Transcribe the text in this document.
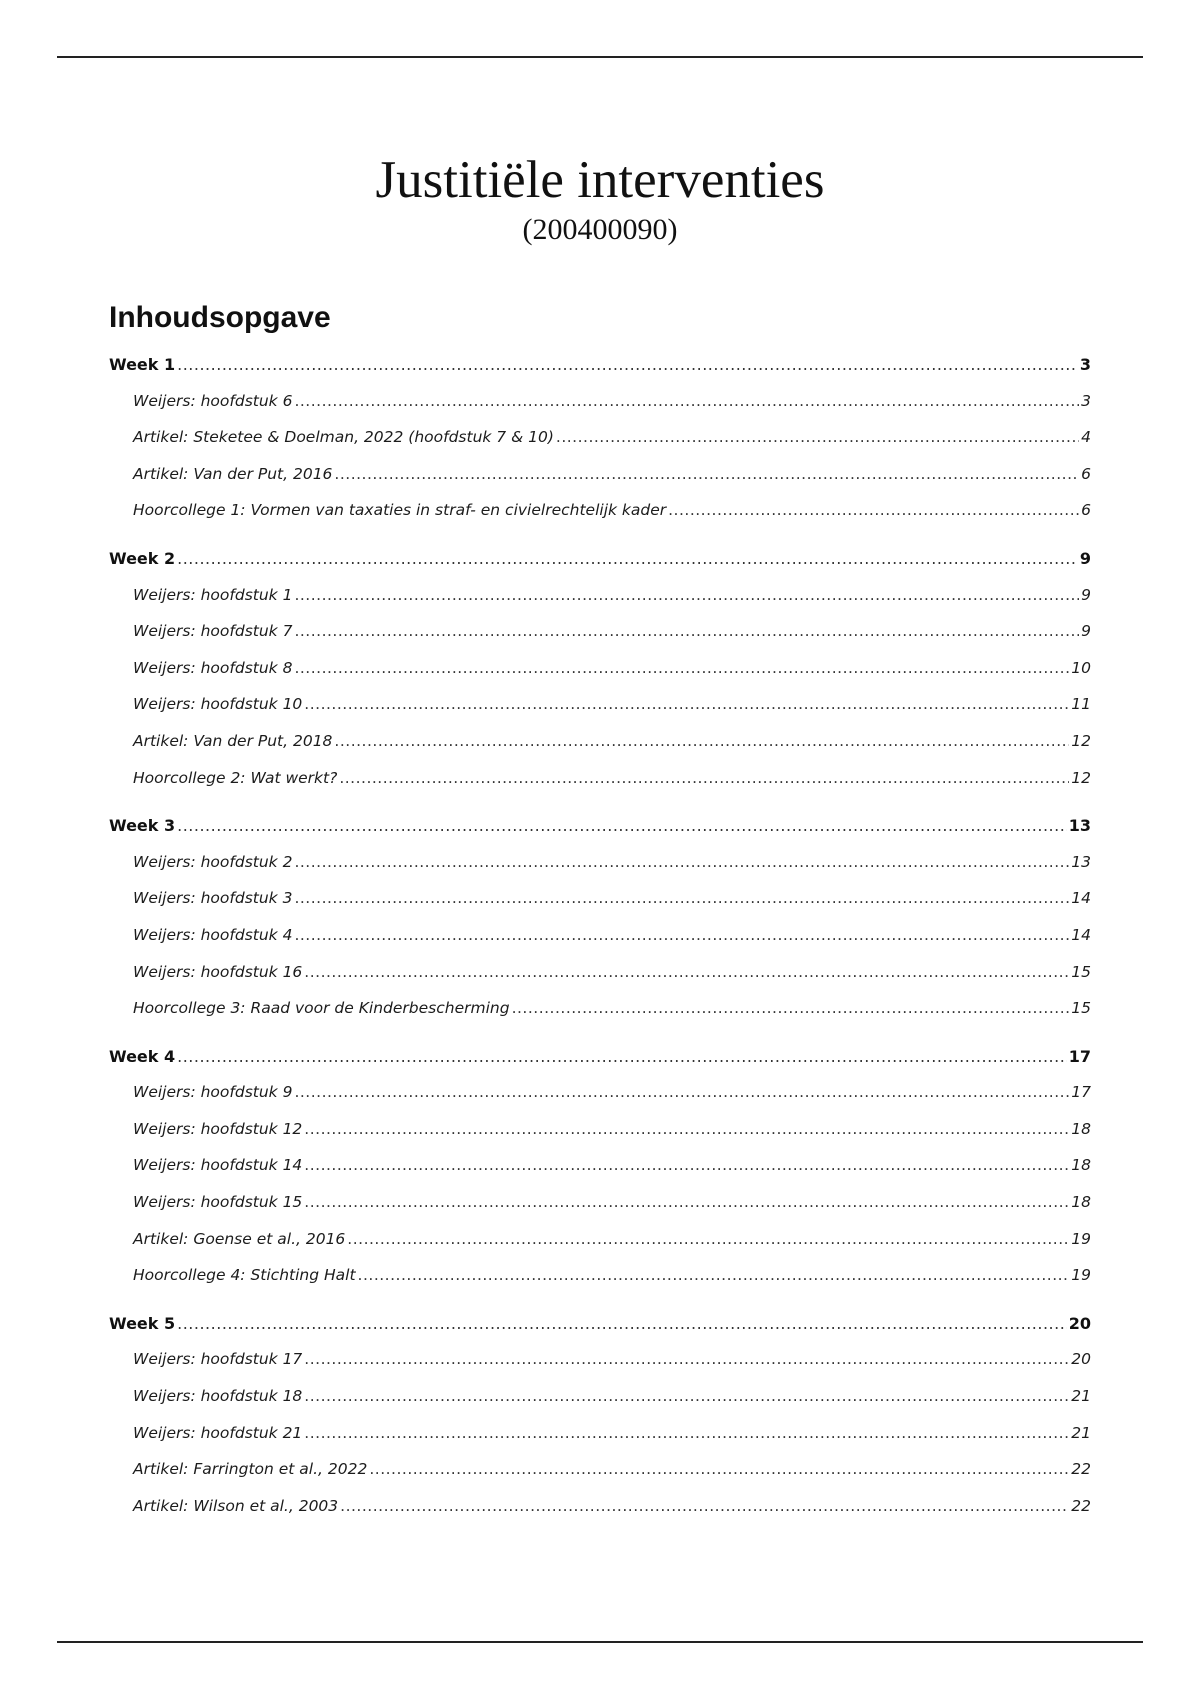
Justitiële interventies
(200400090)
Inhoudsopgave
Week 1 .....	3
Weijers: hoofdstuk 6 .....	3
Artikel: Steketee & Doelman, 2022 (hoofdstuk 7 & 10) .....	4
Artikel: Van der Put, 2016 .....	6
Hoorcollege 1: Vormen van taxaties in straf- en civielrechtelijk kader .....	6
Week 2 .....	9
Weijers: hoofdstuk 1 .....	9
Weijers: hoofdstuk 7 .....	9
Weijers: hoofdstuk 8 .....	10
Weijers: hoofdstuk 10 .....	11
Artikel: Van der Put, 2018 .....	12
Hoorcollege 2: Wat werkt? .....	12
Week 3 .....	13
Weijers: hoofdstuk 2 .....	13
Weijers: hoofdstuk 3 .....	14
Weijers: hoofdstuk 4 .....	14
Weijers: hoofdstuk 16 .....	15
Hoorcollege 3: Raad voor de Kinderbescherming .....	15
Week 4 .....	17
Weijers: hoofdstuk 9 .....	17
Weijers: hoofdstuk 12 .....	18
Weijers: hoofdstuk 14 .....	18
Weijers: hoofdstuk 15 .....	18
Artikel: Goense et al., 2016 .....	19
Hoorcollege 4: Stichting Halt .....	19
Week 5 .....	20
Weijers: hoofdstuk 17 .....	20
Weijers: hoofdstuk 18 .....	21
Weijers: hoofdstuk 21 .....	21
Artikel: Farrington et al., 2022 .....	22
Artikel: Wilson et al., 2003 .....	22
